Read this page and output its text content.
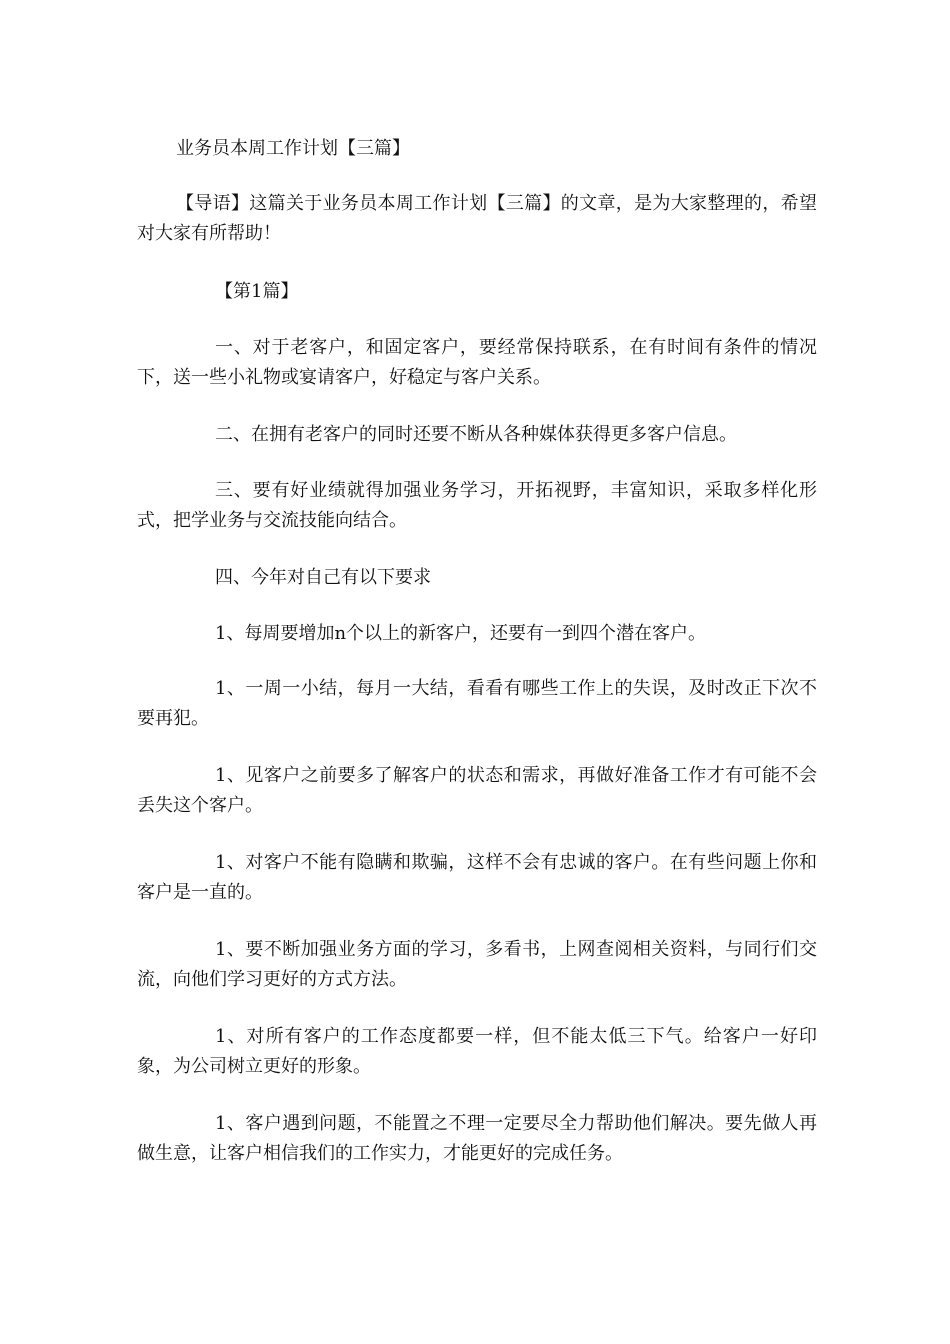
业务员本周工作计划【三篇】

【导语】这篇关于业务员本周工作计划【三篇】的文章，是为大家整理的，希望对大家有所帮助！

【第1篇】

一、对于老客户，和固定客户，要经常保持联系，在有时间有条件的情况下，送一些小礼物或宴请客户，好稳定与客户关系。

二、在拥有老客户的同时还要不断从各种媒体获得更多客户信息。

三、要有好业绩就得加强业务学习，开拓视野，丰富知识，采取多样化形式，把学业务与交流技能向结合。

四、今年对自己有以下要求

1、每周要增加n个以上的新客户，还要有一到四个潜在客户。

1、一周一小结，每月一大结，看看有哪些工作上的失误，及时改正下次不要再犯。

1、见客户之前要多了解客户的状态和需求，再做好准备工作才有可能不会丢失这个客户。

1、对客户不能有隐瞒和欺骗，这样不会有忠诚的客户。在有些问题上你和客户是一直的。

1、要不断加强业务方面的学习，多看书，上网查阅相关资料，与同行们交流，向他们学习更好的方式方法。

1、对所有客户的工作态度都要一样，但不能太低三下气。给客户一好印象，为公司树立更好的形象。

1、客户遇到问题，不能置之不理一定要尽全力帮助他们解决。要先做人再做生意，让客户相信我们的工作实力，才能更好的完成任务。
